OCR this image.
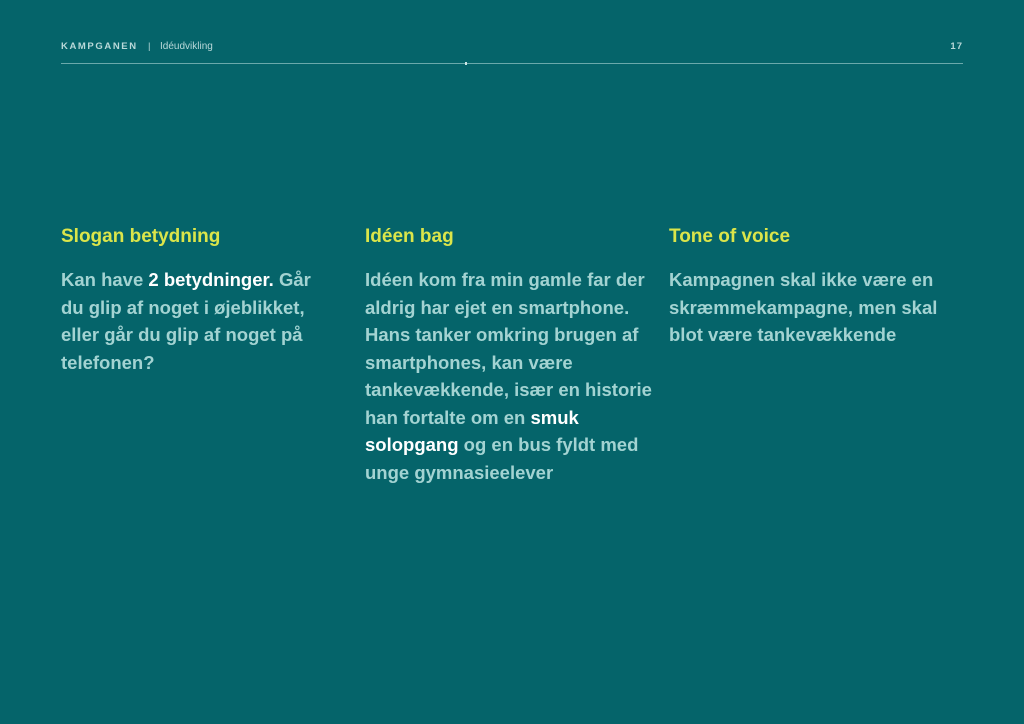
KAMPGANEN | Idéudvikling	17
Slogan betydning

Kan have 2 betydninger. Går du glip af noget i øjeblikket, eller går du glip af noget på telefonen?

Idéen bag

Idéen kom fra min gamle far der aldrig har ejet en smartphone. Hans tanker omkring brugen af smartphones, kan være tankevækkende, især en historie han fortalte om en smuk solopgang og en bus fyldt med unge gymnasieelever

Tone of voice

Kampagnen skal ikke være en skræmmekampagne, men skal blot være tankevækkende
